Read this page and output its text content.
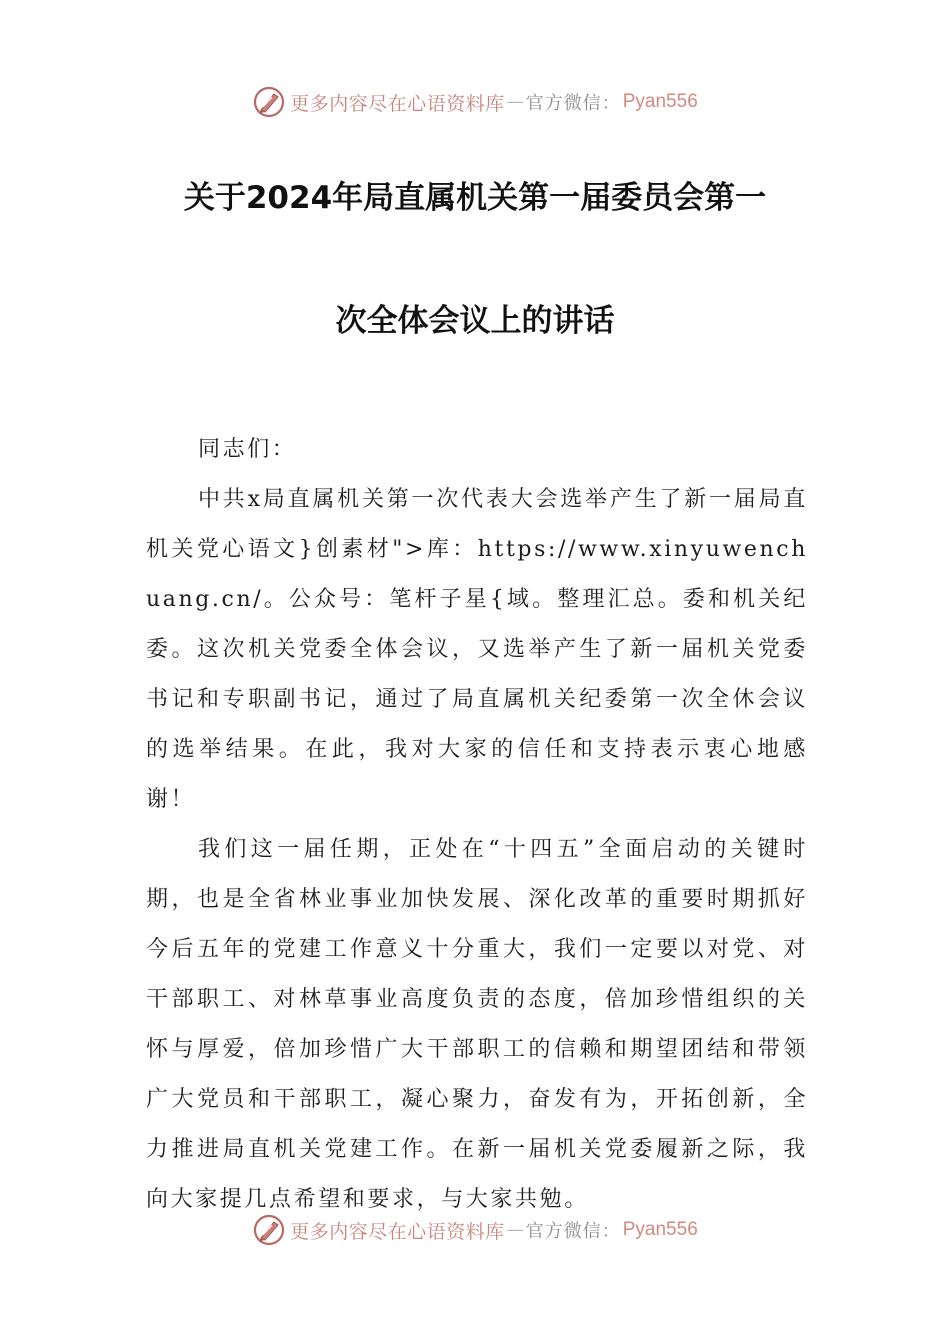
更多内容尽在心语资料库 — 官方微信： Pyan556
关于2024年局直属机关第一届委员会第一
次全体会议上的讲话

同志们：

中共x局直属机关第一次代表大会选举产生了新一届局直机关党心语文}创素材">库：https://www.xinyuwenchuang.cn/。公众号：笔杆子星{域。整理汇总。委和机关纪委。这次机关党委全体会议，又选举产生了新一届机关党委书记和专职副书记，通过了局直属机关纪委第一次全休会议的选举结果。在此，我对大家的信任和支持表示衷心地感谢！

我们这一届任期，正处在“十四五”全面启动的关键时期，也是全省林业事业加快发展、深化改革的重要时期抓好今后五年的党建工作意义十分重大，我们一定要以对党、对干部职工、对林草事业高度负责的态度，倍加珍惜组织的关怀与厚爱，倍加珍惜广大干部职工的信赖和期望团结和带领广大党员和干部职工，凝心聚力，奋发有为，开拓创新，全力推进局直机关党建工作。在新一届机关党委履新之际，我向大家提几点希望和要求，与大家共勉。

更多内容尽在心语资料库 — 官方微信： Pyan556
